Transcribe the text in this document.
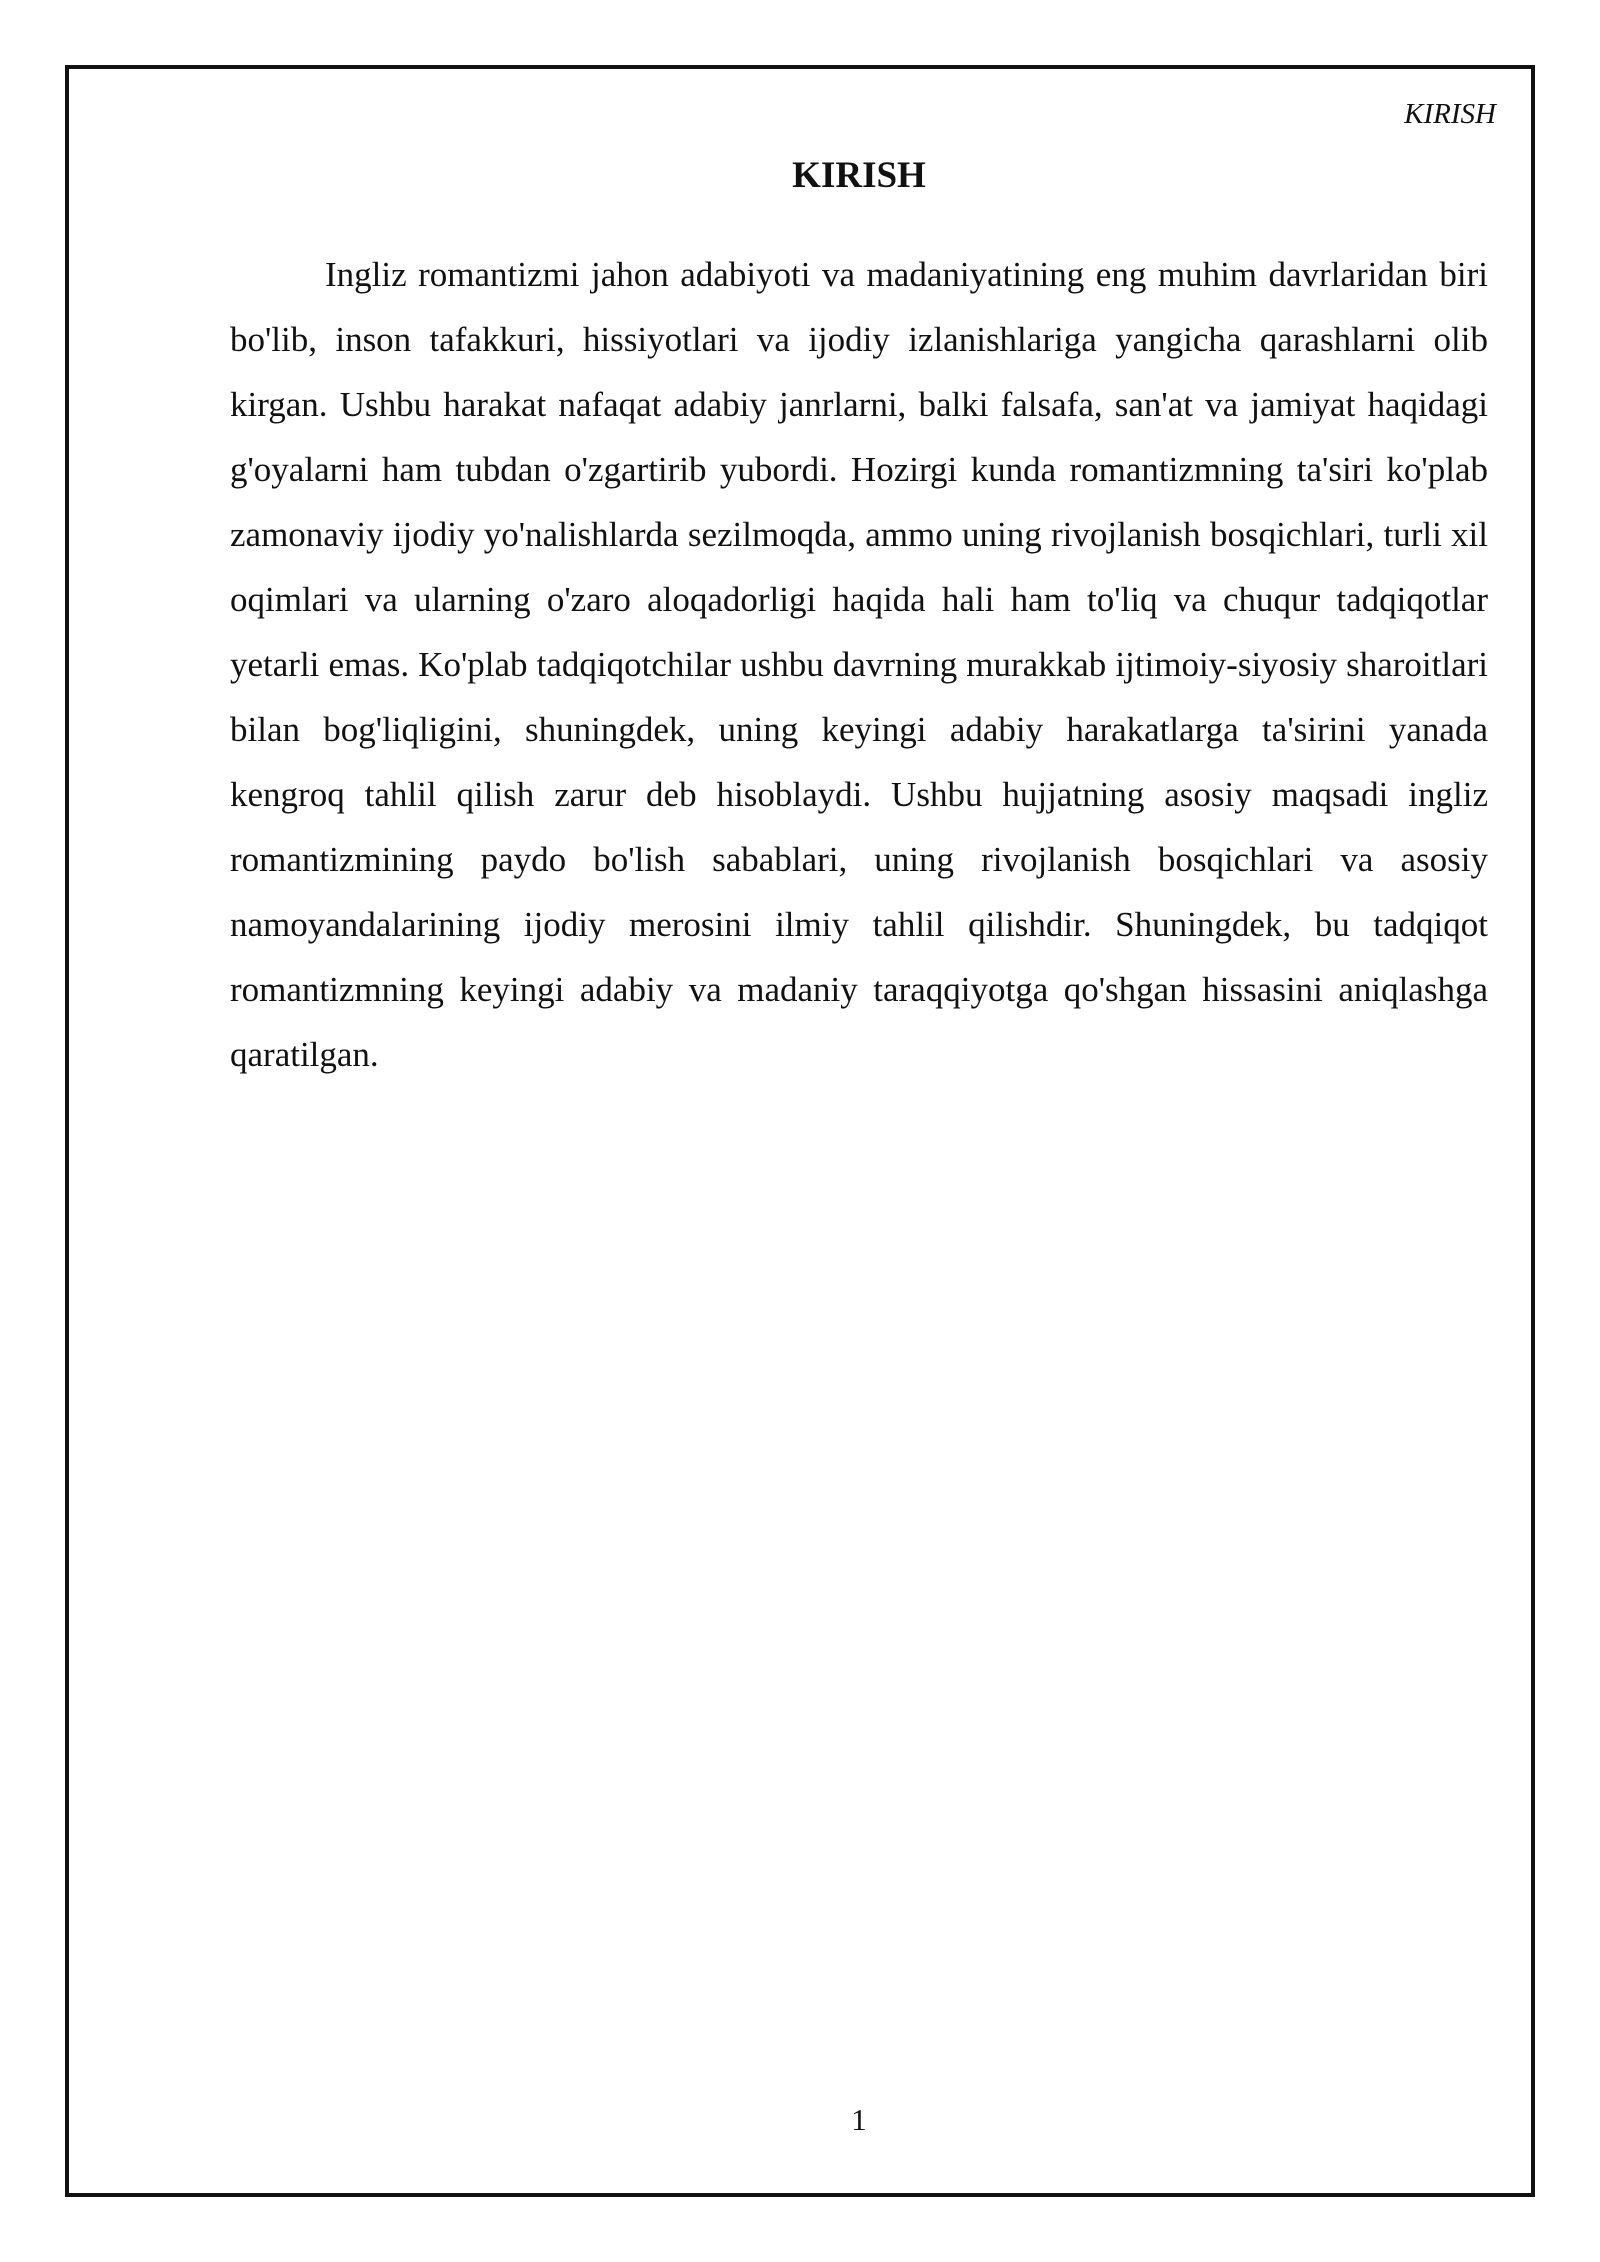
KIRISH

KIRISH

Ingliz romantizmi jahon adabiyoti va madaniyatining eng muhim davrlaridan biri bo'lib, inson tafakkuri, hissiyotlari va ijodiy izlanishlariga yangicha qarashlarni olib kirgan. Ushbu harakat nafaqat adabiy janrlarni, balki falsafa, san'at va jamiyat haqidagi g'oyalarni ham tubdan o'zgartirib yubordi. Hozirgi kunda romantizmning ta'siri ko'plab zamonaviy ijodiy yo'nalishlarda sezilmoqda, ammo uning rivojlanish bosqichlari, turli xil oqimlari va ularning o'zaro aloqadorligi haqida hali ham to'liq va chuqur tadqiqotlar yetarli emas. Ko'plab tadqiqotchilar ushbu davrning murakkab ijtimoiy-siyosiy sharoitlari bilan bog'liqligini, shuningdek, uning keyingi adabiy harakatlarga ta'sirini yanada kengroq tahlil qilish zarur deb hisoblaydi. Ushbu hujjatning asosiy maqsadi ingliz romantizmining paydo bo'lish sabablari, uning rivojlanish bosqichlari va asosiy namoyandalarining ijodiy merosini ilmiy tahlil qilishdir. Shuningdek, bu tadqiqot romantizmning keyingi adabiy va madaniy taraqqiyotga qo'shgan hissasini aniqlashga qaratilgan.

1
